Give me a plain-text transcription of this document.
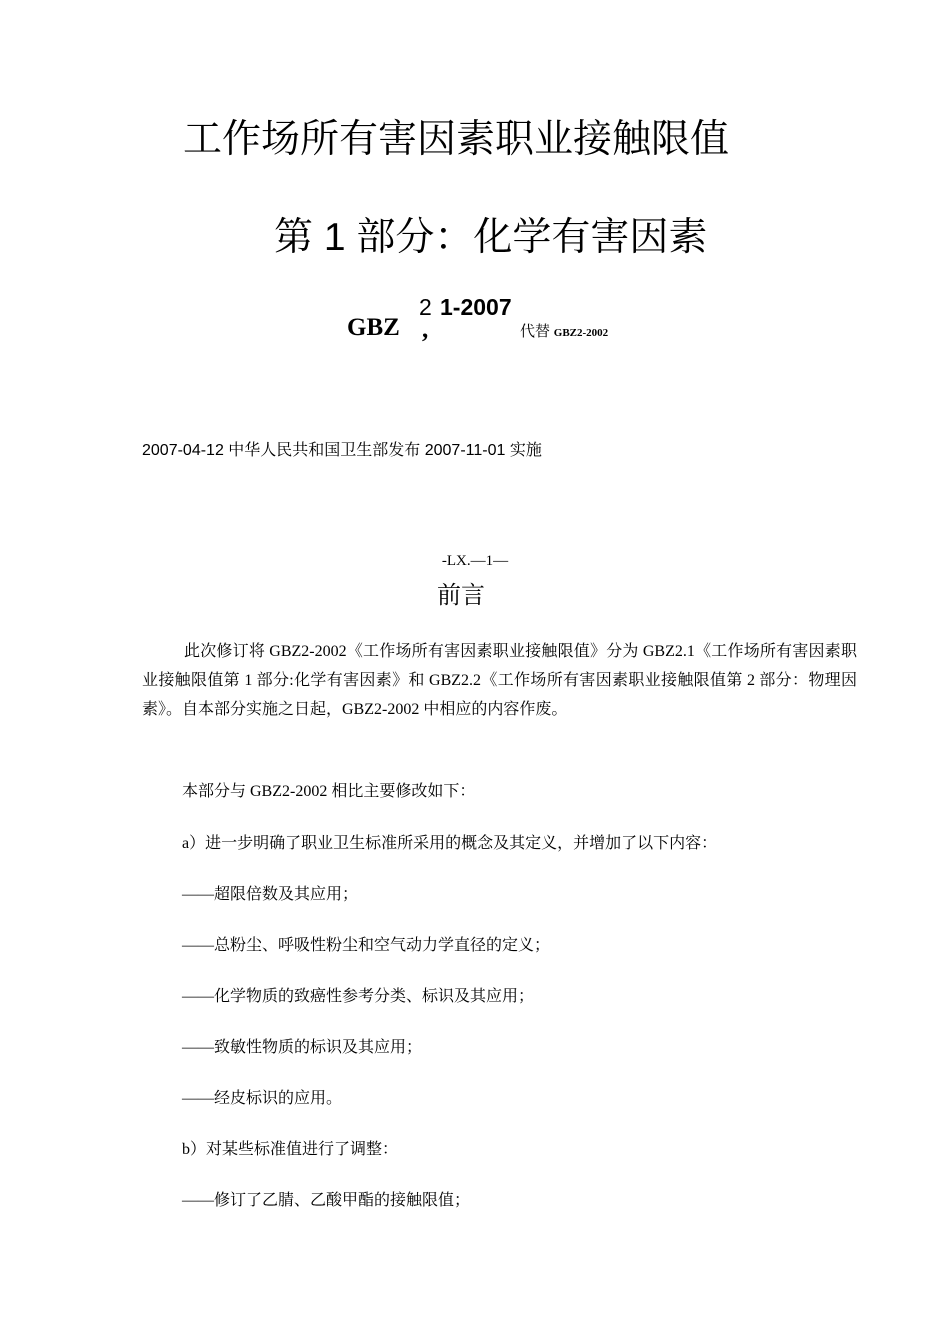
工作场所有害因素职业接触限值
第 1 部分：化学有害因素
GBZ
2
,
1-2007
代替 GBZ2-2002
2007-04-12 中华人民共和国卫生部发布 2007-11-01 实施
-LX.—1—
前言
此次修订将 GBZ2-2002《工作场所有害因素职业接触限值》分为 GBZ2.1《工作场所有害因素职业接触限值第 1 部分:化学有害因素》和 GBZ2.2《工作场所有害因素职业接触限值第 2 部分：物理因素》。自本部分实施之日起，GBZ2-2002 中相应的内容作废。
本部分与 GBZ2-2002 相比主要修改如下：
a）进一步明确了职业卫生标准所采用的概念及其定义，并增加了以下内容：
——超限倍数及其应用；
——总粉尘、呼吸性粉尘和空气动力学直径的定义；
——化学物质的致癌性参考分类、标识及其应用；
——致敏性物质的标识及其应用；
——经皮标识的应用。
b）对某些标准值进行了调整：
——修订了乙腈、乙酸甲酯的接触限值；
